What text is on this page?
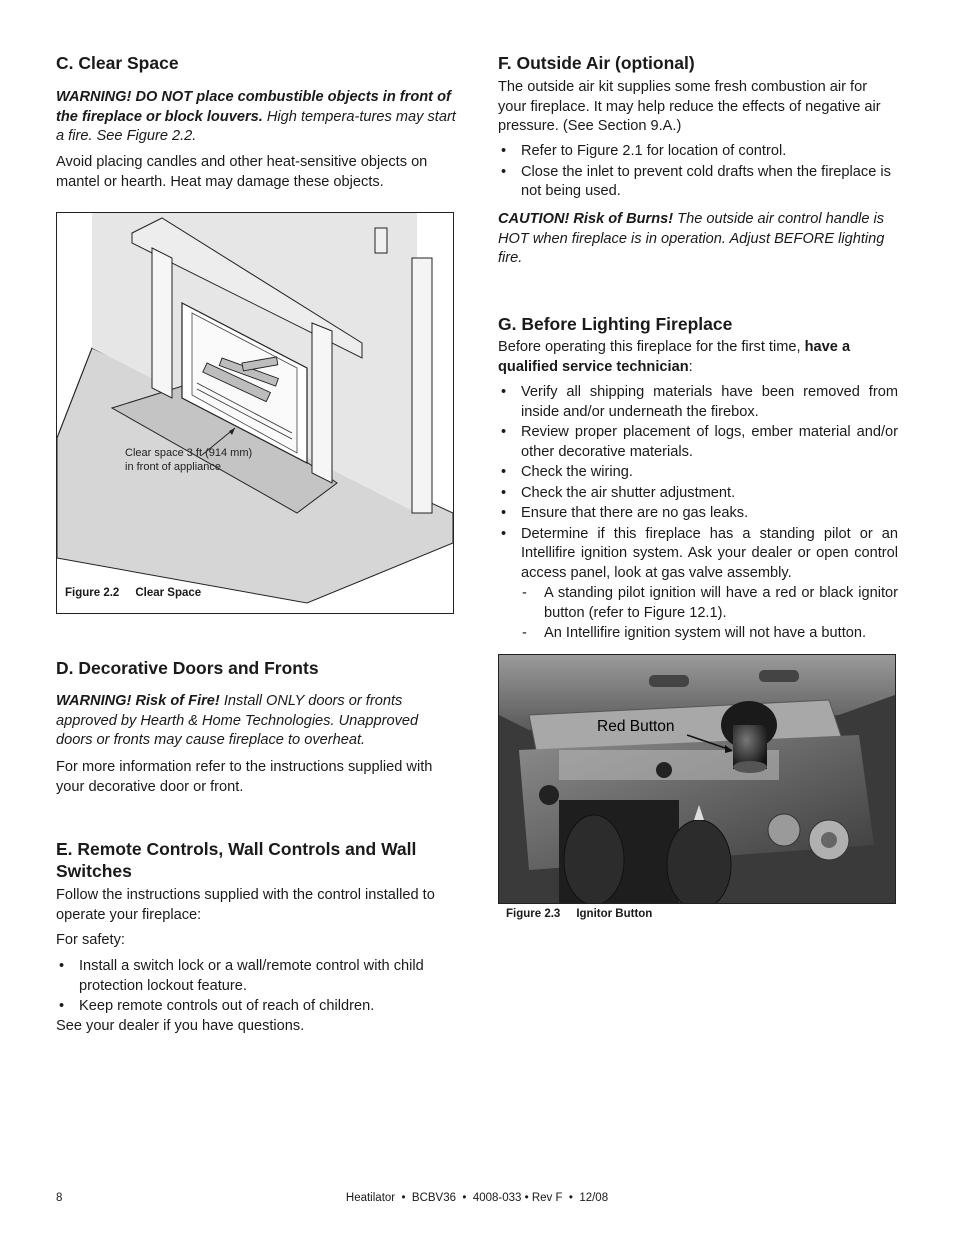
C. Clear Space

WARNING! DO NOT place combustible objects in front of the fireplace or block louvers. High tempera-tures may start a fire. See Figure 2.2.

Avoid placing candles and other heat-sensitive objects on mantel or hearth. Heat may damage these objects.

Clear space 3 ft (914 mm)
in front of appliance
Figure 2.2 Clear Space
D. Decorative Doors and Fronts

WARNING! Risk of Fire! Install ONLY doors or fronts approved by Hearth & Home Technologies. Unapproved doors or fronts may cause fireplace to overheat.

For more information refer to the instructions supplied with your decorative door or front.

E. Remote Controls, Wall Controls and Wall Switches

Follow the instructions supplied with the control installed to operate your fireplace:

For safety:

• Install a switch lock or a wall/remote control with child protection lockout feature.
• Keep remote controls out of reach of children.

See your dealer if you have questions.

F. Outside Air (optional)

The outside air kit supplies some fresh combustion air for your fireplace. It may help reduce the effects of negative air pressure. (See Section 9.A.)

• Refer to Figure 2.1 for location of control.
• Close the inlet to prevent cold drafts when the fireplace is not being used.

CAUTION! Risk of Burns! The outside air control handle is HOT when fireplace is in operation. Adjust BEFORE lighting fire.

G. Before Lighting Fireplace

Before operating this fireplace for the first time, have a qualified service technician:

• Verify all shipping materials have been removed from inside and/or underneath the firebox.
• Review proper placement of logs, ember material and/or other decorative materials.
• Check the wiring.
• Check the air shutter adjustment.
• Ensure that there are no gas leaks.
• Determine if this fireplace has a standing pilot or an Intellifire ignition system. Ask your dealer or open control access panel, look at gas valve assembly.
- A standing pilot ignition will have a red or black ignitor button (refer to Figure 12.1).
- An Intellifire ignition system will not have a button.
Red Button
Figure 2.3 Ignitor Button
8	Heatilator  •  BCBV36  •  4008-033 • Rev F  •  12/08
